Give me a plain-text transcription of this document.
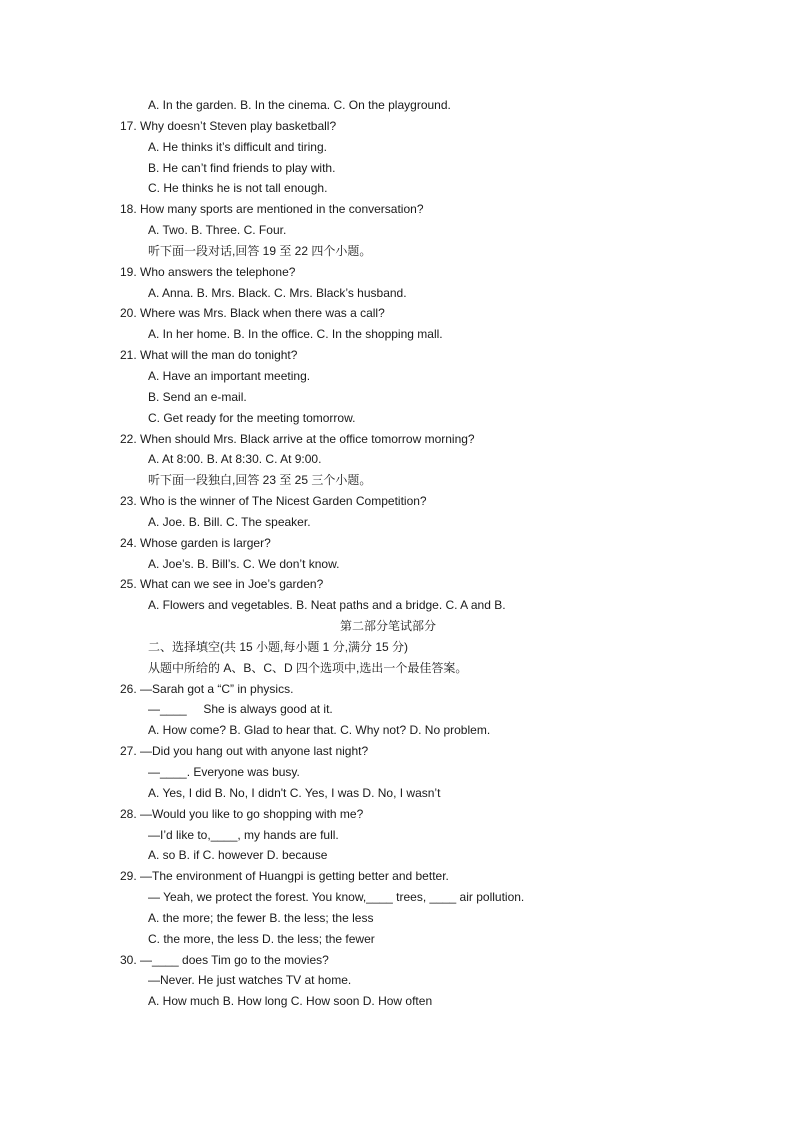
A. In the garden. B. In the cinema. C. On the playground.
17. Why doesn’t Steven play basketball?
A. He thinks it’s difficult and tiring.
B. He can’t find friends to play with.
C. He thinks he is not tall enough.
18. How many sports are mentioned in the conversation?
A. Two. B. Three. C. Four.
听下面一段对话,回答 19 至 22 四个小题。
19. Who answers the telephone?
A. Anna. B. Mrs. Black. C. Mrs. Black’s husband.
20. Where was Mrs. Black when there was a call?
A. In her home. B. In the office. C. In the shopping mall.
21. What will the man do tonight?
A. Have an important meeting.
B. Send an e-mail.
C. Get ready for the meeting tomorrow.
22. When should Mrs. Black arrive at the office tomorrow morning?
A. At 8:00. B. At 8:30. C. At 9:00.
听下面一段独白,回答 23 至 25 三个小题。
23. Who is the winner of The Nicest Garden Competition?
A. Joe. B. Bill. C. The speaker.
24. Whose garden is larger?
A. Joe’s. B. Bill’s. C. We don’t know.
25. What can we see in Joe’s garden?
A. Flowers and vegetables. B. Neat paths and a bridge. C. A and B.
第二部分笔试部分
二、选择填空(共 15 小题,每小题 1 分,满分 15 分)
从题中所给的 A、B、C、D 四个选项中,选出一个最佳答案。
26. —Sarah got a “C” in physics.
—____     She is always good at it.
A. How come? B. Glad to hear that. C. Why not? D. No problem.
27. —Did you hang out with anyone last night?
—____. Everyone was busy.
A. Yes, I did B. No, I didn't C. Yes, I was D. No, I wasn’t
28. —Would you like to go shopping with me?
—I’d like to,____, my hands are full.
A. so B. if C. however D. because
29. —The environment of Huangpi is getting better and better.
— Yeah, we protect the forest. You know,____ trees, ____ air pollution.
A. the more; the fewer B. the less; the less
C. the more, the less D. the less; the fewer
30. —____ does Tim go to the movies?
—Never. He just watches TV at home.
A. How much B. How long C. How soon D. How often
